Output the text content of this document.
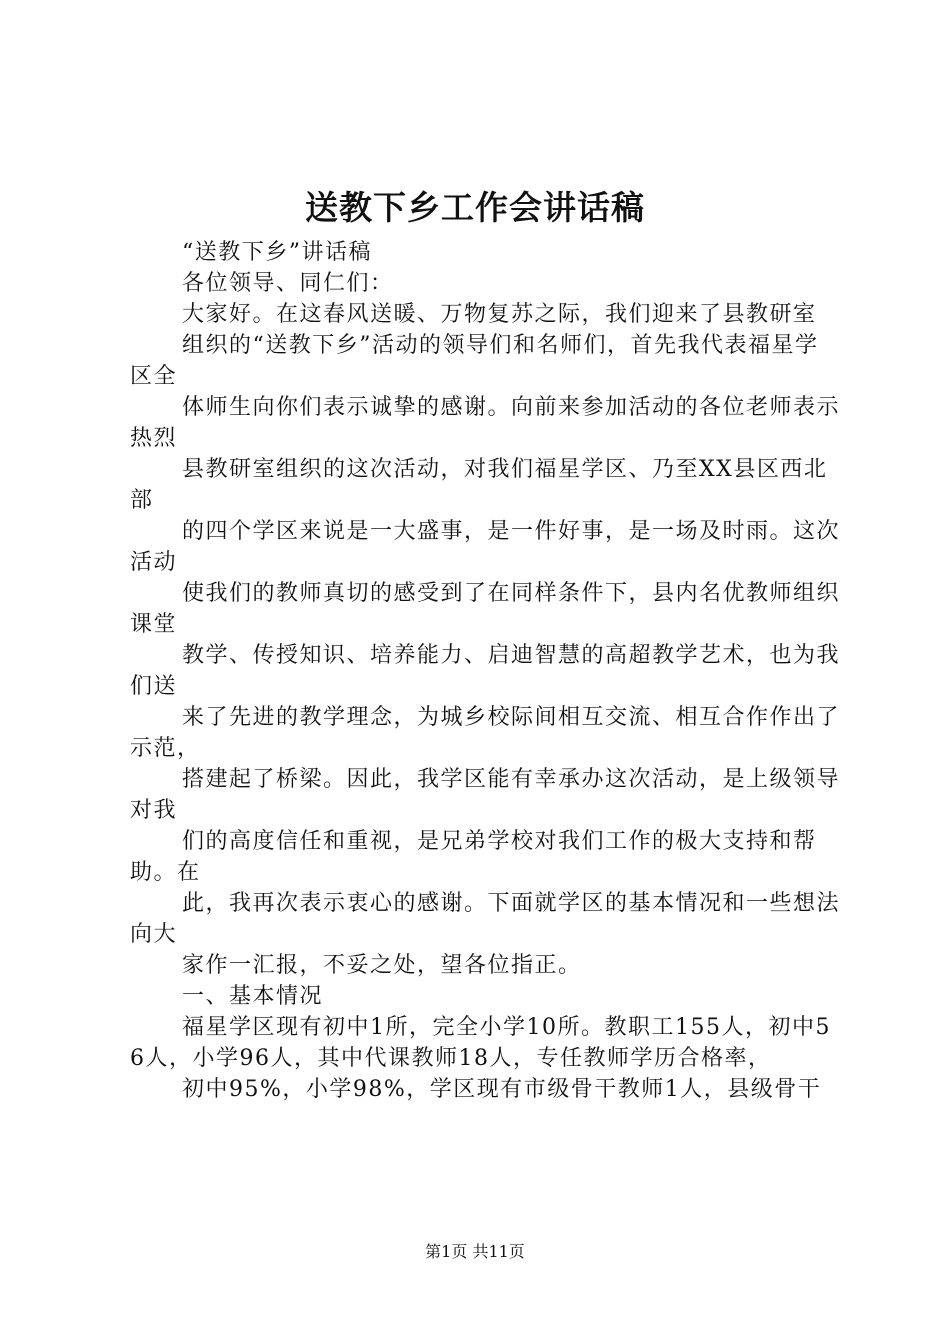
送教下乡工作会讲话稿

“送教下乡”讲话稿

各位领导、同仁们：

大家好。在这春风送暖、万物复苏之际，我们迎来了县教研室

组织的“送教下乡”活动的领导们和名师们，首先我代表福星学区全

体师生向你们表示诚挚的感谢。向前来参加活动的各位老师表示热烈

县教研室组织的这次活动，对我们福星学区、乃至XX县区西北部

的四个学区来说是一大盛事，是一件好事，是一场及时雨。这次活动

使我们的教师真切的感受到了在同样条件下，县内名优教师组织课堂

教学、传授知识、培养能力、启迪智慧的高超教学艺术，也为我们送

来了先进的教学理念，为城乡校际间相互交流、相互合作作出了示范，

搭建起了桥梁。因此，我学区能有幸承办这次活动，是上级领导对我

们的高度信任和重视，是兄弟学校对我们工作的极大支持和帮助。在

此，我再次表示衷心的感谢。下面就学区的基本情况和一些想法向大

家作一汇报，不妥之处，望各位指正。

一、基本情况

福星学区现有初中1所，完全小学10所。教职工155人，初中56人，小学96人，其中代课教师18人，专任教师学历合格率，

初中95%，小学98%，学区现有市级骨干教师1人，县级骨干

第1页 共11页
